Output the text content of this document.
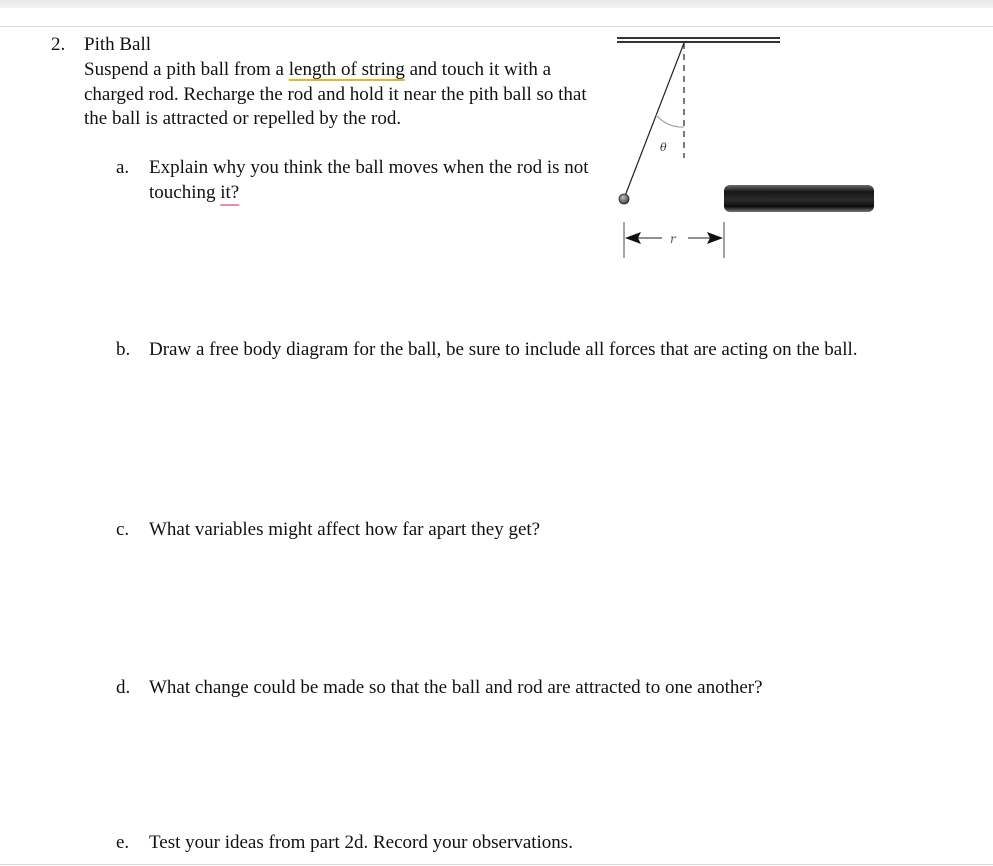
2. Pith Ball

Suspend a pith ball from a length of string and touch it with a charged rod. Recharge the rod and hold it near the pith ball so that the ball is attracted or repelled by the rod.

a. Explain why you think the ball moves when the rod is not touching it?

b. Draw a free body diagram for the ball, be sure to include all forces that are acting on the ball.

c. What variables might affect how far apart they get?

d. What change could be made so that the ball and rod are attracted to one another?

e. Test your ideas from part 2d. Record your observations.

θ
r
